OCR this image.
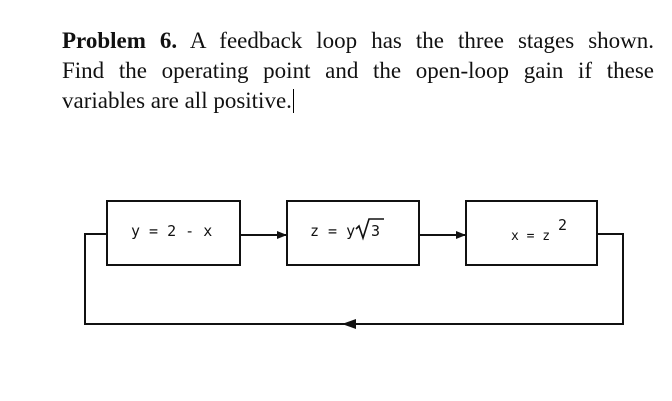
Problem 6. A feedback loop has the three stages shown.
Find the operating point and the open-loop gain if these

variables are all positive.
y = 2 - x	z = y 3	x = z
2
